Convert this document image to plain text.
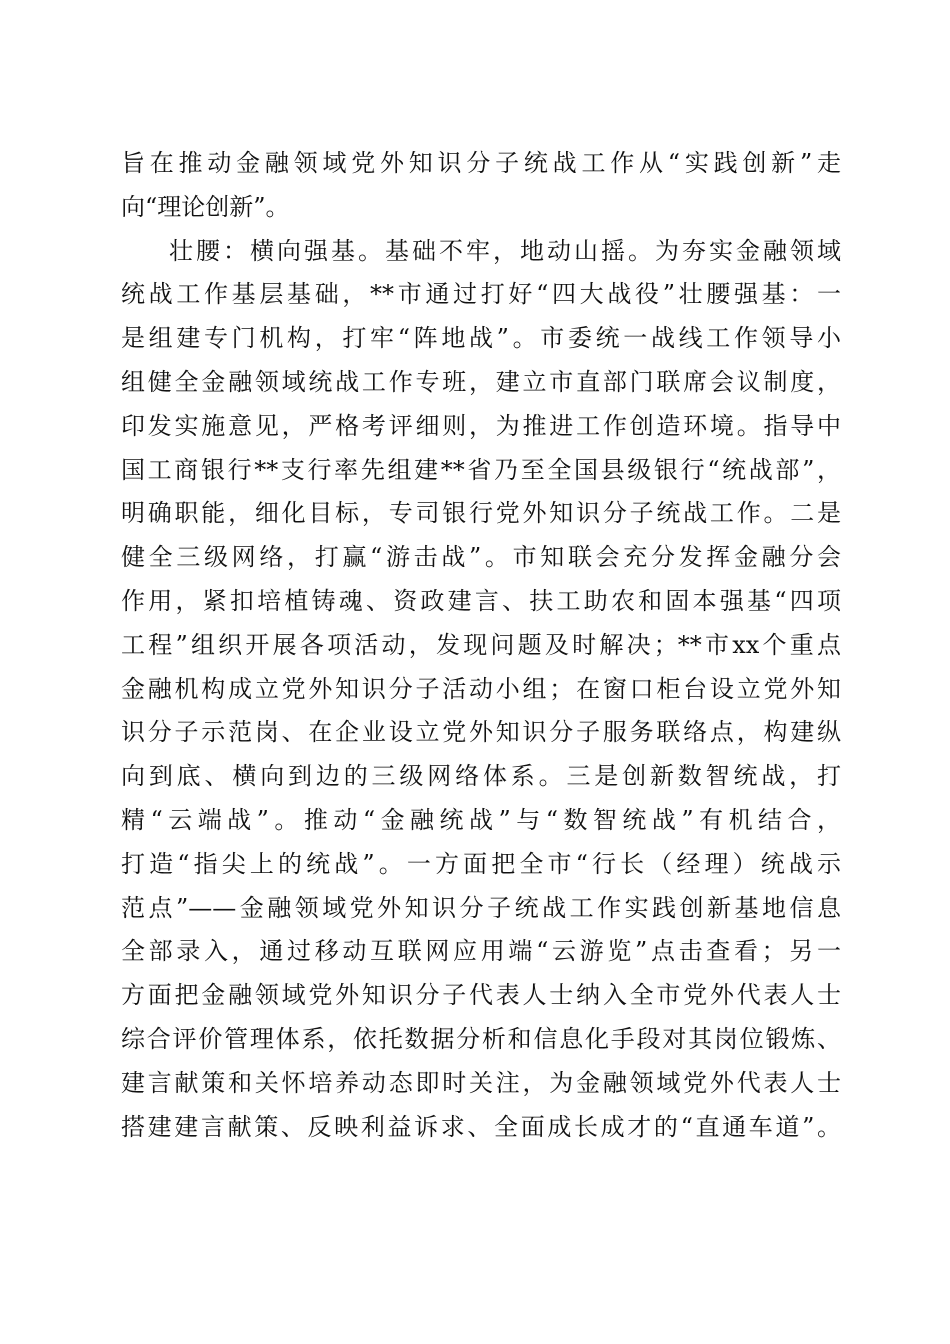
旨在推动金融领域党外知识分子统战工作从“实践创新”走
向“理论创新”。
壮腰：横向强基。基础不牢，地动山摇。为夯实金融领域
统战工作基层基础，**市通过打好“四大战役”壮腰强基：一
是组建专门机构，打牢“阵地战”。市委统一战线工作领导小
组健全金融领域统战工作专班，建立市直部门联席会议制度，
印发实施意见，严格考评细则，为推进工作创造环境。指导中
国工商银行**支行率先组建**省乃至全国县级银行“统战部”，
明确职能，细化目标，专司银行党外知识分子统战工作。二是
健全三级网络，打赢“游击战”。市知联会充分发挥金融分会
作用，紧扣培植铸魂、资政建言、扶工助农和固本强基“四项
工程”组织开展各项活动，发现问题及时解决；**市xx个重点
金融机构成立党外知识分子活动小组；在窗口柜台设立党外知
识分子示范岗、在企业设立党外知识分子服务联络点，构建纵
向到底、横向到边的三级网络体系。三是创新数智统战，打
精“云端战”。推动“金融统战”与“数智统战”有机结合，
打造“指尖上的统战”。一方面把全市“行长（经理）统战示
范点”——金融领域党外知识分子统战工作实践创新基地信息
全部录入，通过移动互联网应用端“云游览”点击查看；另一
方面把金融领域党外知识分子代表人士纳入全市党外代表人士
综合评价管理体系，依托数据分析和信息化手段对其岗位锻炼、
建言献策和关怀培养动态即时关注，为金融领域党外代表人士
搭建建言献策、反映利益诉求、全面成长成才的“直通车道”。
